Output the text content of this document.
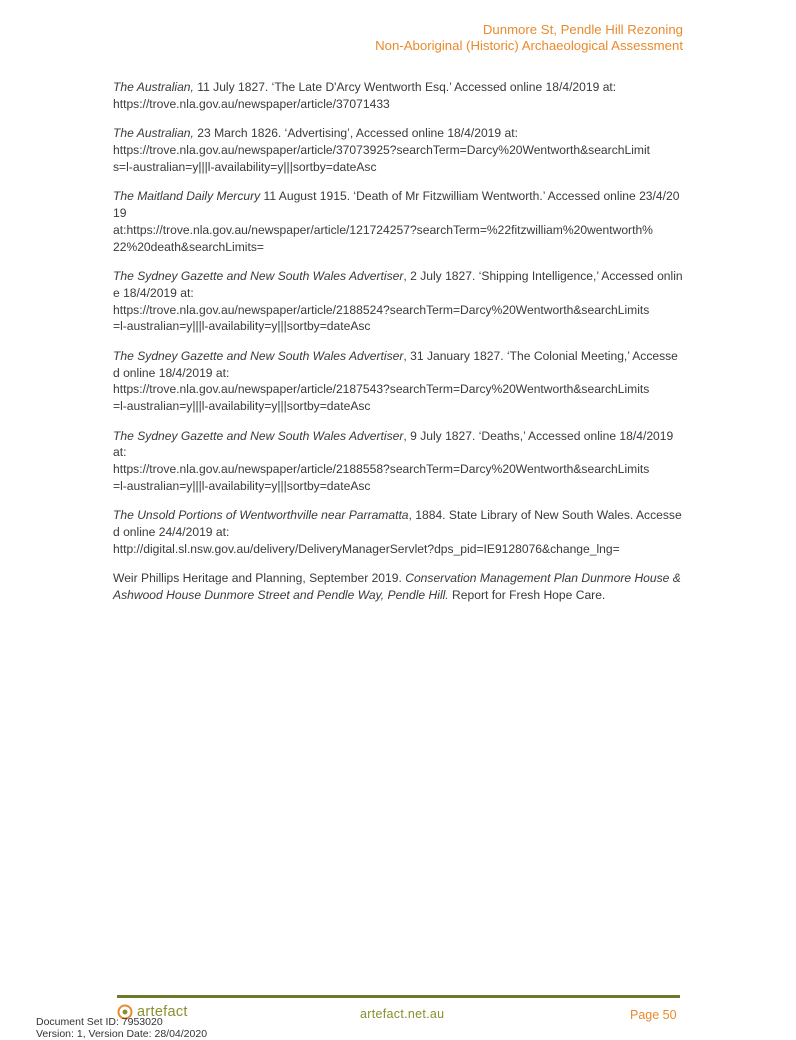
Dunmore St, Pendle Hill Rezoning
Non-Aboriginal (Historic) Archaeological Assessment
The Australian, 11 July 1827. ‘The Late D'Arcy Wentworth Esq.’ Accessed online 18/4/2019 at:
https://trove.nla.gov.au/newspaper/article/37071433
The Australian, 23 March 1826. ‘Advertising’, Accessed online 18/4/2019 at:
https://trove.nla.gov.au/newspaper/article/37073925?searchTerm=Darcy%20Wentworth&searchLimit
s=l-australian=y|||l-availability=y|||sortby=dateAsc
The Maitland Daily Mercury 11 August 1915. ‘Death of Mr Fitzwilliam Wentworth.’ Accessed online 23/4/2019
at:https://trove.nla.gov.au/newspaper/article/121724257?searchTerm=%22fitzwilliam%20wentworth%
22%20death&searchLimits=
The Sydney Gazette and New South Wales Advertiser, 2 July 1827. ‘Shipping Intelligence,’ Accessed online 18/4/2019 at:
https://trove.nla.gov.au/newspaper/article/2188524?searchTerm=Darcy%20Wentworth&searchLimits
=l-australian=y|||l-availability=y|||sortby=dateAsc
The Sydney Gazette and New South Wales Advertiser, 31 January 1827. ‘The Colonial Meeting,’ Accessed online 18/4/2019 at:
https://trove.nla.gov.au/newspaper/article/2187543?searchTerm=Darcy%20Wentworth&searchLimits
=l-australian=y|||l-availability=y|||sortby=dateAsc
The Sydney Gazette and New South Wales Advertiser, 9 July 1827. ‘Deaths,’ Accessed online 18/4/2019 at:
https://trove.nla.gov.au/newspaper/article/2188558?searchTerm=Darcy%20Wentworth&searchLimits
=l-australian=y|||l-availability=y|||sortby=dateAsc
The Unsold Portions of Wentworthville near Parramatta, 1884. State Library of New South Wales. Accessed online 24/4/2019 at:
http://digital.sl.nsw.gov.au/delivery/DeliveryManagerServlet?dps_pid=IE9128076&change_lng=
Weir Phillips Heritage and Planning, September 2019. Conservation Management Plan Dunmore House & Ashwood House Dunmore Street and Pendle Way, Pendle Hill. Report for Fresh Hope Care.
artefact	artefact.net.au	Page 50
Document Set ID: 7953020
Version: 1, Version Date: 28/04/2020
